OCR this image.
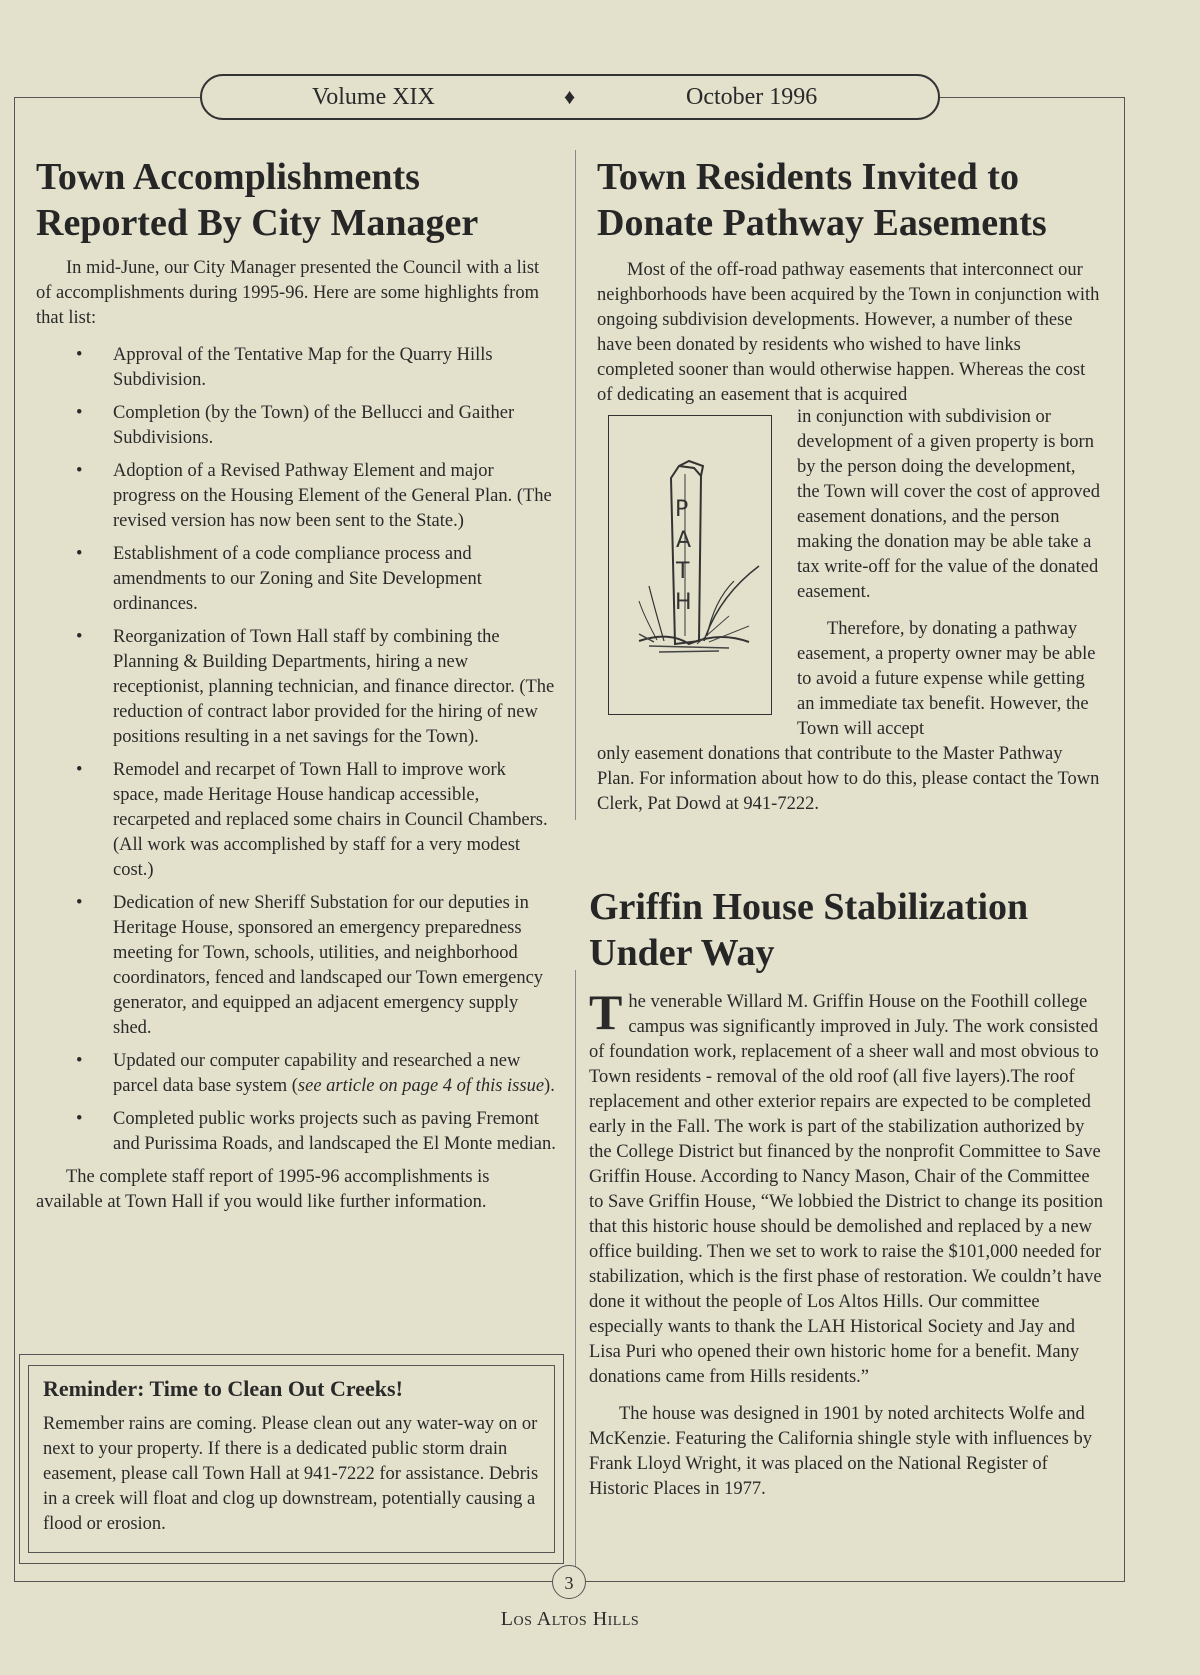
Volume XIX	♦	October 1996
Town Accomplishments Reported By City Manager

In mid-June, our City Manager presented the Council with a list of accomplishments during 1995-96. Here are some highlights from that list:

• Approval of the Tentative Map for the Quarry Hills Subdivision.
• Completion (by the Town) of the Bellucci and Gaither Subdivisions.
• Adoption of a Revised Pathway Element and major progress on the Housing Element of the General Plan. (The revised version has now been sent to the State.)
• Establishment of a code compliance process and amendments to our Zoning and Site Development ordinances.
• Reorganization of Town Hall staff by combining the Planning & Building Departments, hiring a new receptionist, planning technician, and finance director. (The reduction of contract labor provided for the hiring of new positions resulting in a net savings for the Town).
• Remodel and recarpet of Town Hall to improve work space, made Heritage House handicap accessible, recarpeted and replaced some chairs in Council Chambers. (All work was accomplished by staff for a very modest cost.)
• Dedication of new Sheriff Substation for our deputies in Heritage House, sponsored an emergency preparedness meeting for Town, schools, utilities, and neighborhood coordinators, fenced and landscaped our Town emergency generator, and equipped an adjacent emergency supply shed.
• Updated our computer capability and researched a new parcel data base system (see article on page 4 of this issue).
• Completed public works projects such as paving Fremont and Purissima Roads, and landscaped the El Monte median.

The complete staff report of 1995-96 accomplishments is available at Town Hall if you would like further information.

Reminder: Time to Clean Out Creeks!

Remember rains are coming. Please clean out any water-way on or next to your property. If there is a dedicated public storm drain easement, please call Town Hall at 941-7222 for assistance. Debris in a creek will float and clog up downstream, potentially causing a flood or erosion.

Town Residents Invited to Donate Pathway Easements

Most of the off-road pathway easements that interconnect our neighborhoods have been acquired by the Town in conjunction with ongoing subdivision developments. However, a number of these have been donated by residents who wished to have links completed sooner than would otherwise happen. Whereas the cost of dedicating an easement that is acquired

P
A
T
H

in conjunction with subdivision or development of a given property is born by the person doing the development, the Town will cover the cost of approved easement donations, and the person making the donation may be able take a tax write-off for the value of the donated easement.

Therefore, by donating a pathway easement, a property owner may be able to avoid a future expense while getting an immediate tax benefit. However, the Town will accept

only easement donations that contribute to the Master Pathway Plan. For information about how to do this, please contact the Town Clerk, Pat Dowd at 941-7222.

Griffin House Stabilization Under Way

The venerable Willard M. Griffin House on the Foothill college campus was significantly improved in July. The work consisted of foundation work, replacement of a sheer wall and most obvious to Town residents - removal of the old roof (all five layers).The roof replacement and other exterior repairs are expected to be completed early in the Fall. The work is part of the stabilization authorized by the College District but financed by the nonprofit Committee to Save Griffin House. According to Nancy Mason, Chair of the Committee to Save Griffin House, “We lobbied the District to change its position that this historic house should be demolished and replaced by a new office building. Then we set to work to raise the $101,000 needed for stabilization, which is the first phase of restoration. We couldn’t have done it without the people of Los Altos Hills. Our committee especially wants to thank the LAH Historical Society and Jay and Lisa Puri who opened their own historic home for a benefit. Many donations came from Hills residents.”

The house was designed in 1901 by noted architects Wolfe and McKenzie. Featuring the California shingle style with influences by Frank Lloyd Wright, it was placed on the National Register of Historic Places in 1977.

3
Los Altos Hills
